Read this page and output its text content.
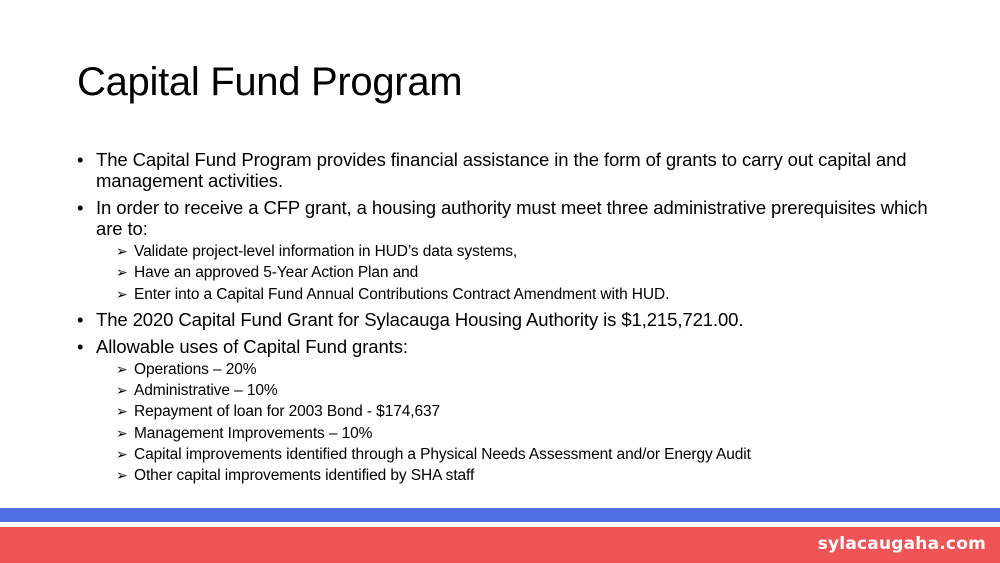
Capital Fund Program
• The Capital Fund Program provides financial assistance in the form of grants to carry out capital and management activities.
• In order to receive a CFP grant, a housing authority must meet three administrative prerequisites which are to:
➢ Validate project-level information in HUD’s data systems,
➢ Have an approved 5-Year Action Plan and
➢ Enter into a Capital Fund Annual Contributions Contract Amendment with HUD.
• The 2020 Capital Fund Grant for Sylacauga Housing Authority is $1,215,721.00.
• Allowable uses of Capital Fund grants:
➢ Operations – 20%
➢ Administrative – 10%
➢ Repayment of loan for 2003 Bond - $174,637
➢ Management Improvements – 10%
➢ Capital improvements identified through a Physical Needs Assessment and/or Energy Audit
➢ Other capital improvements identified by SHA staff
sylacaugaha.com
